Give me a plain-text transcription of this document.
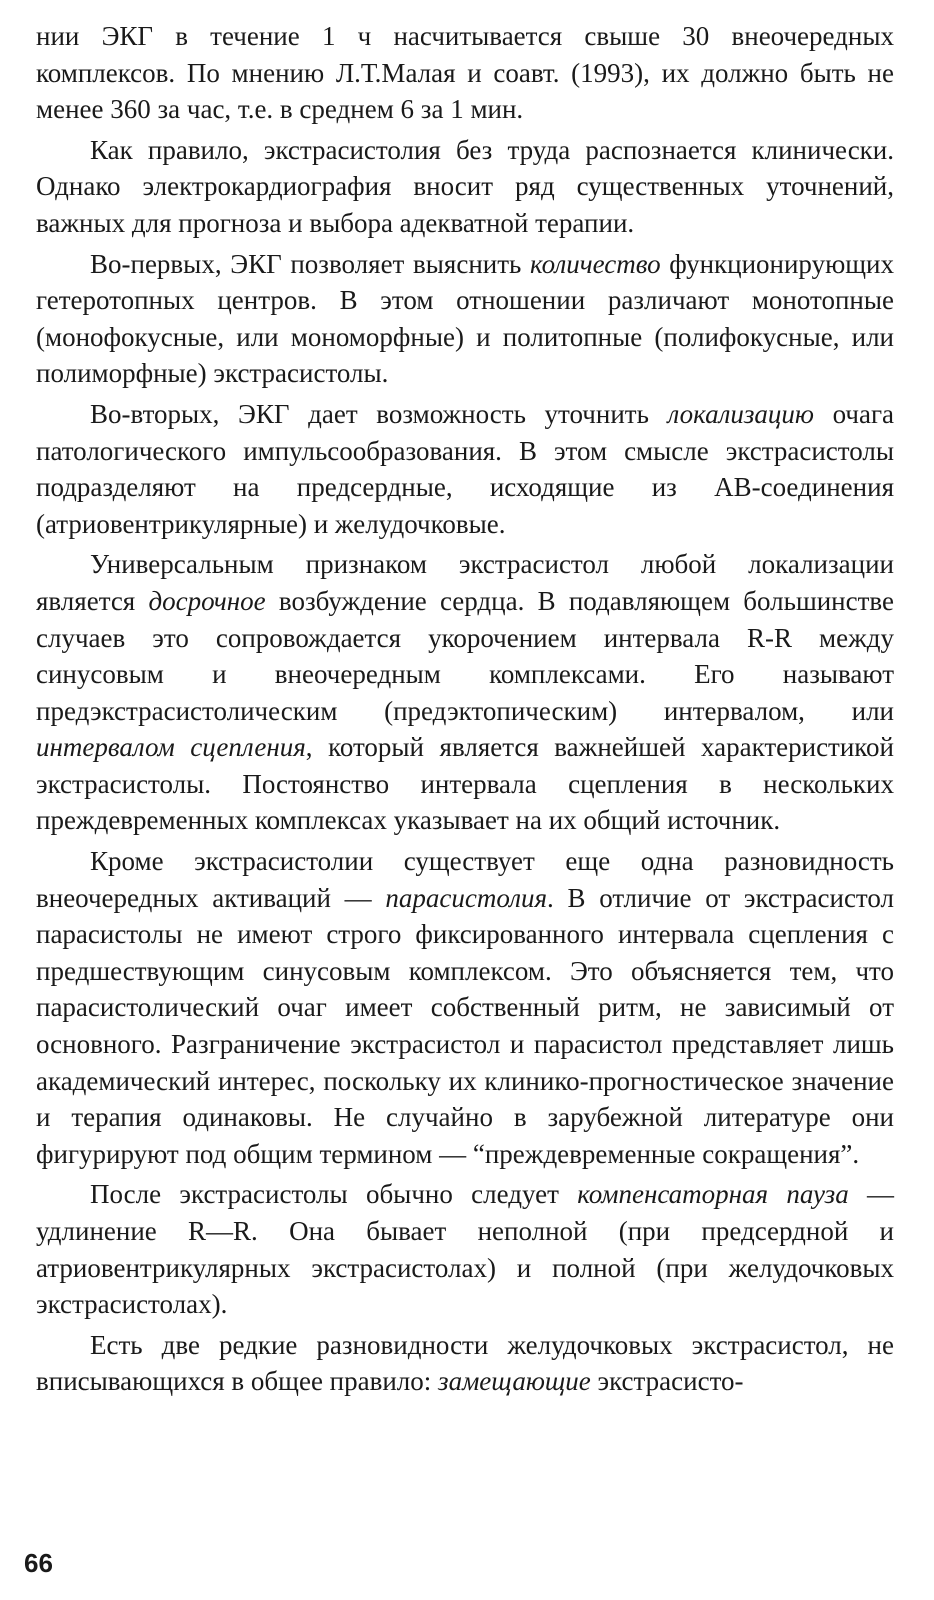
нии ЭКГ в течение 1 ч насчитывается свыше 30 внеочередных комплексов. По мнению Л.Т.Малая и соавт. (1993), их должно быть не менее 360 за час, т.е. в среднем 6 за 1 мин.

Как правило, экстрасистолия без труда распознается клинически. Однако электрокардиография вносит ряд существенных уточнений, важных для прогноза и выбора адекватной терапии.

Во-первых, ЭКГ позволяет выяснить количество функционирующих гетеротопных центров. В этом отношении различают монотопные (монофокусные, или мономорфные) и политопные (полифокусные, или полиморфные) экстрасистолы.

Во-вторых, ЭКГ дает возможность уточнить локализацию очага патологического импульсообразования. В этом смысле экстрасистолы подразделяют на предсердные, исходящие из АВ-соединения (атриовентрикулярные) и желудочковые.

Универсальным признаком экстрасистол любой локализации является досрочное возбуждение сердца. В подавляющем большинстве случаев это сопровождается укорочением интервала R-R между синусовым и внеочередным комплексами. Его называют предэкстрасистолическим (предэктопическим) интервалом, или интервалом сцепления, который является важнейшей характеристикой экстрасистолы. Постоянство интервала сцепления в нескольких преждевременных комплексах указывает на их общий источник.

Кроме экстрасистолии существует еще одна разновидность внеочередных активаций — парасистолия. В отличие от экстрасистол парасистолы не имеют строго фиксированного интервала сцепления с предшествующим синусовым комплексом. Это объясняется тем, что парасистолический очаг имеет собственный ритм, не зависимый от основного. Разграничение экстрасистол и парасистол представляет лишь академический интерес, поскольку их клинико-прогностическое значение и терапия одинаковы. Не случайно в зарубежной литературе они фигурируют под общим термином — “преждевременные сокращения”.

После экстрасистолы обычно следует компенсаторная пауза — удлинение R—R. Она бывает неполной (при предсердной и атриовентрикулярных экстрасистолах) и полной (при желудочковых экстрасистолах).

Есть две редкие разновидности желудочковых экстрасистол, не вписывающихся в общее правило: замещающие экстрасисто-

66
